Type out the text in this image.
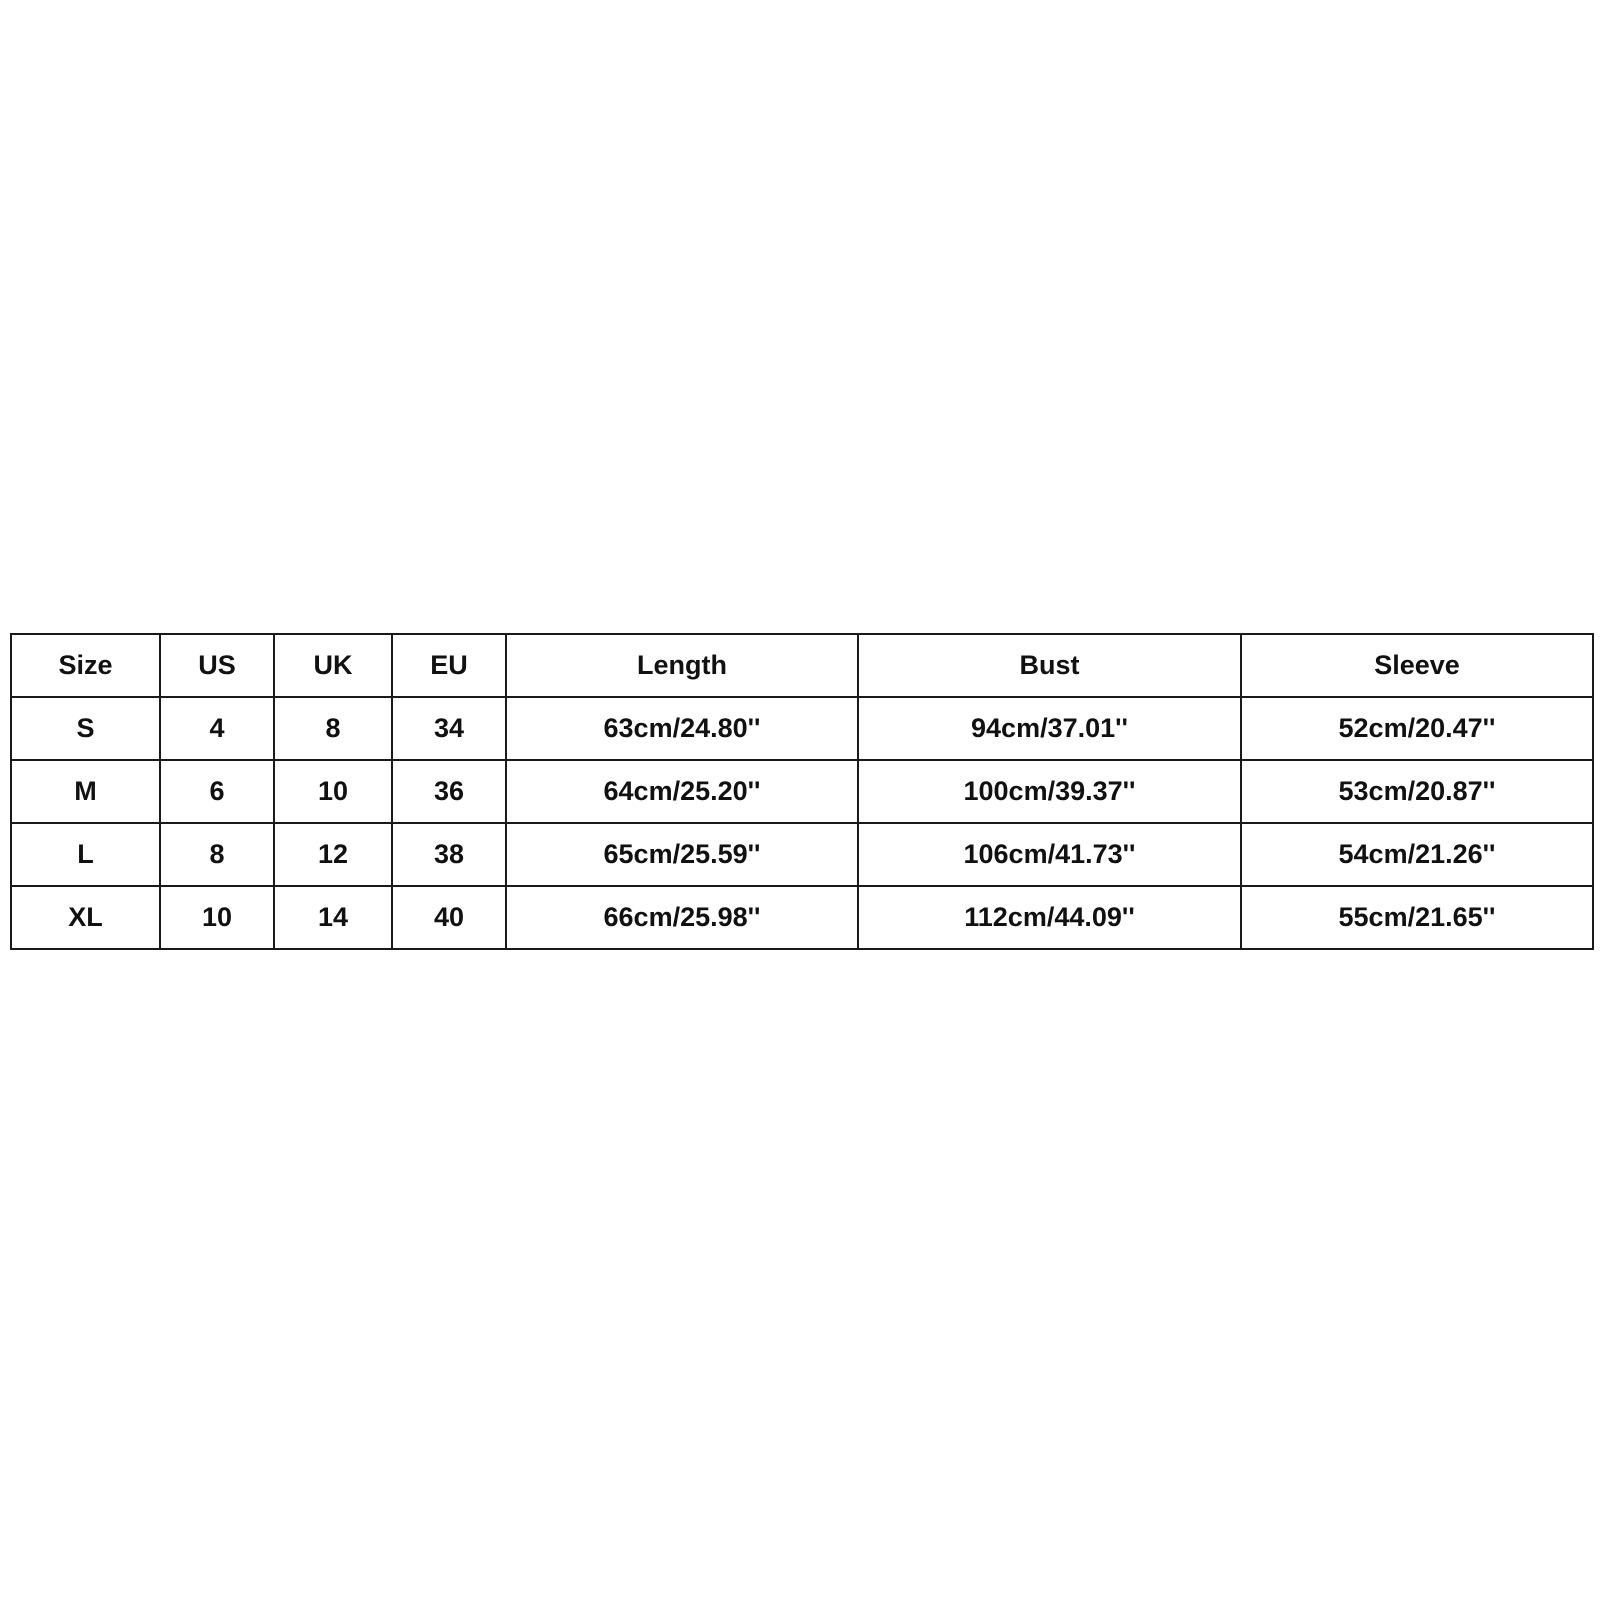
Size	US	UK	EU	Length	Bust	Sleeve
S	4	8	34	63cm/24.80''	94cm/37.01''	52cm/20.47''
M	6	10	36	64cm/25.20''	100cm/39.37''	53cm/20.87''
L	8	12	38	65cm/25.59''	106cm/41.73''	54cm/21.26''
XL	10	14	40	66cm/25.98''	112cm/44.09''	55cm/21.65''
